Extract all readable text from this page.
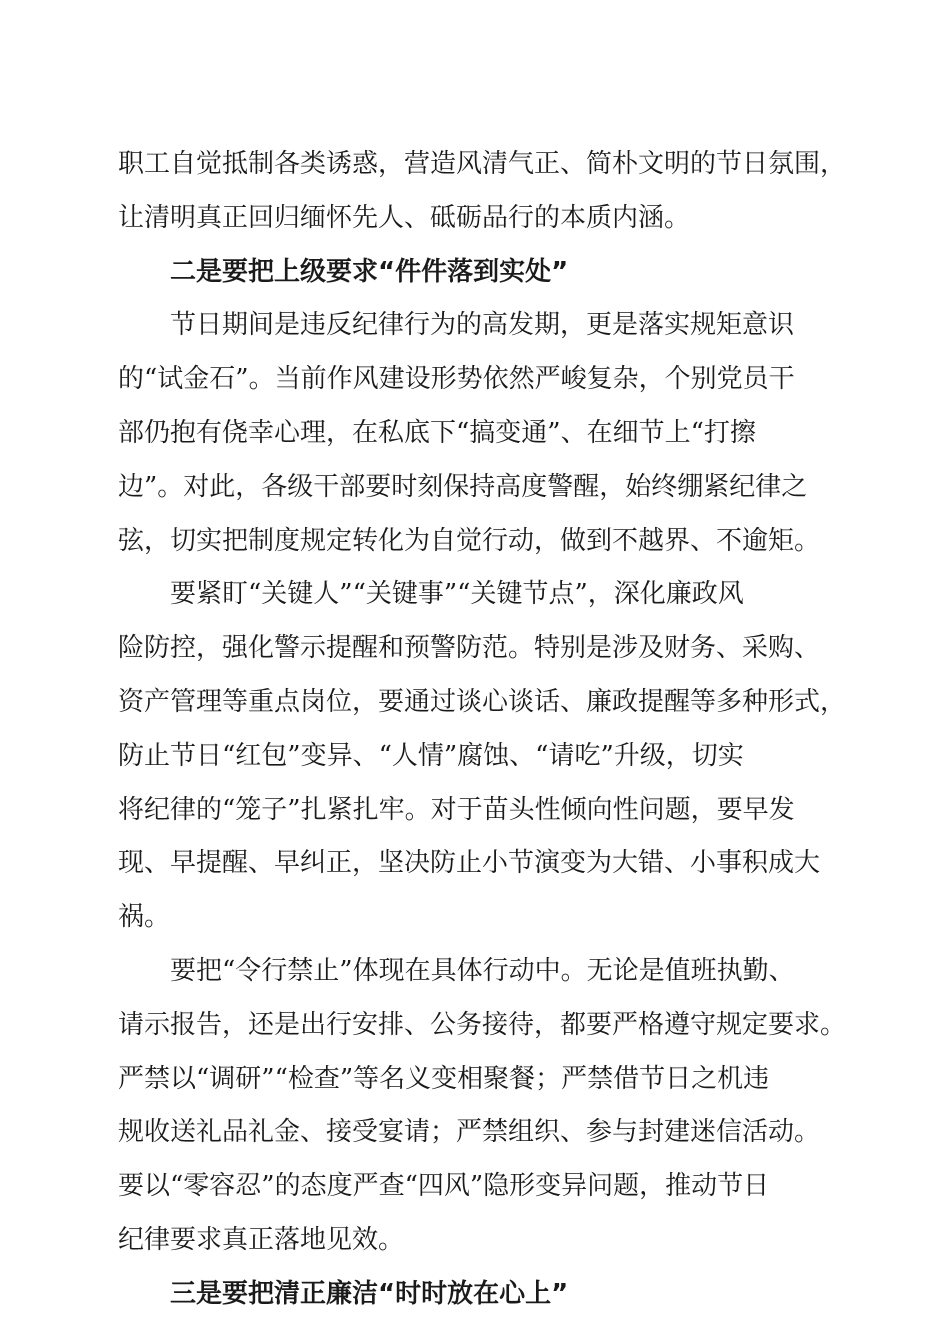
职工自觉抵制各类诱惑，营造风清气正、简朴文明的节日氛围，
让清明真正回归缅怀先人、砥砺品行的本质内涵。
二是要把上级要求“件件落到实处”
节日期间是违反纪律行为的高发期，更是落实规矩意识
的“试金石”。当前作风建设形势依然严峻复杂，个别党员干
部仍抱有侥幸心理，在私底下“搞变通”、在细节上“打擦
边”。对此，各级干部要时刻保持高度警醒，始终绷紧纪律之
弦，切实把制度规定转化为自觉行动，做到不越界、不逾矩。
要紧盯“关键人”“关键事”“关键节点”，深化廉政风
险防控，强化警示提醒和预警防范。特别是涉及财务、采购、
资产管理等重点岗位，要通过谈心谈话、廉政提醒等多种形式，
防止节日“红包”变异、“人情”腐蚀、“请吃”升级，切实
将纪律的“笼子”扎紧扎牢。对于苗头性倾向性问题，要早发
现、早提醒、早纠正，坚决防止小节演变为大错、小事积成大
祸。
要把“令行禁止”体现在具体行动中。无论是值班执勤、
请示报告，还是出行安排、公务接待，都要严格遵守规定要求。
严禁以“调研”“检查”等名义变相聚餐；严禁借节日之机违
规收送礼品礼金、接受宴请；严禁组织、参与封建迷信活动。
要以“零容忍”的态度严查“四风”隐形变异问题，推动节日
纪律要求真正落地见效。
三是要把清正廉洁“时时放在心上”
